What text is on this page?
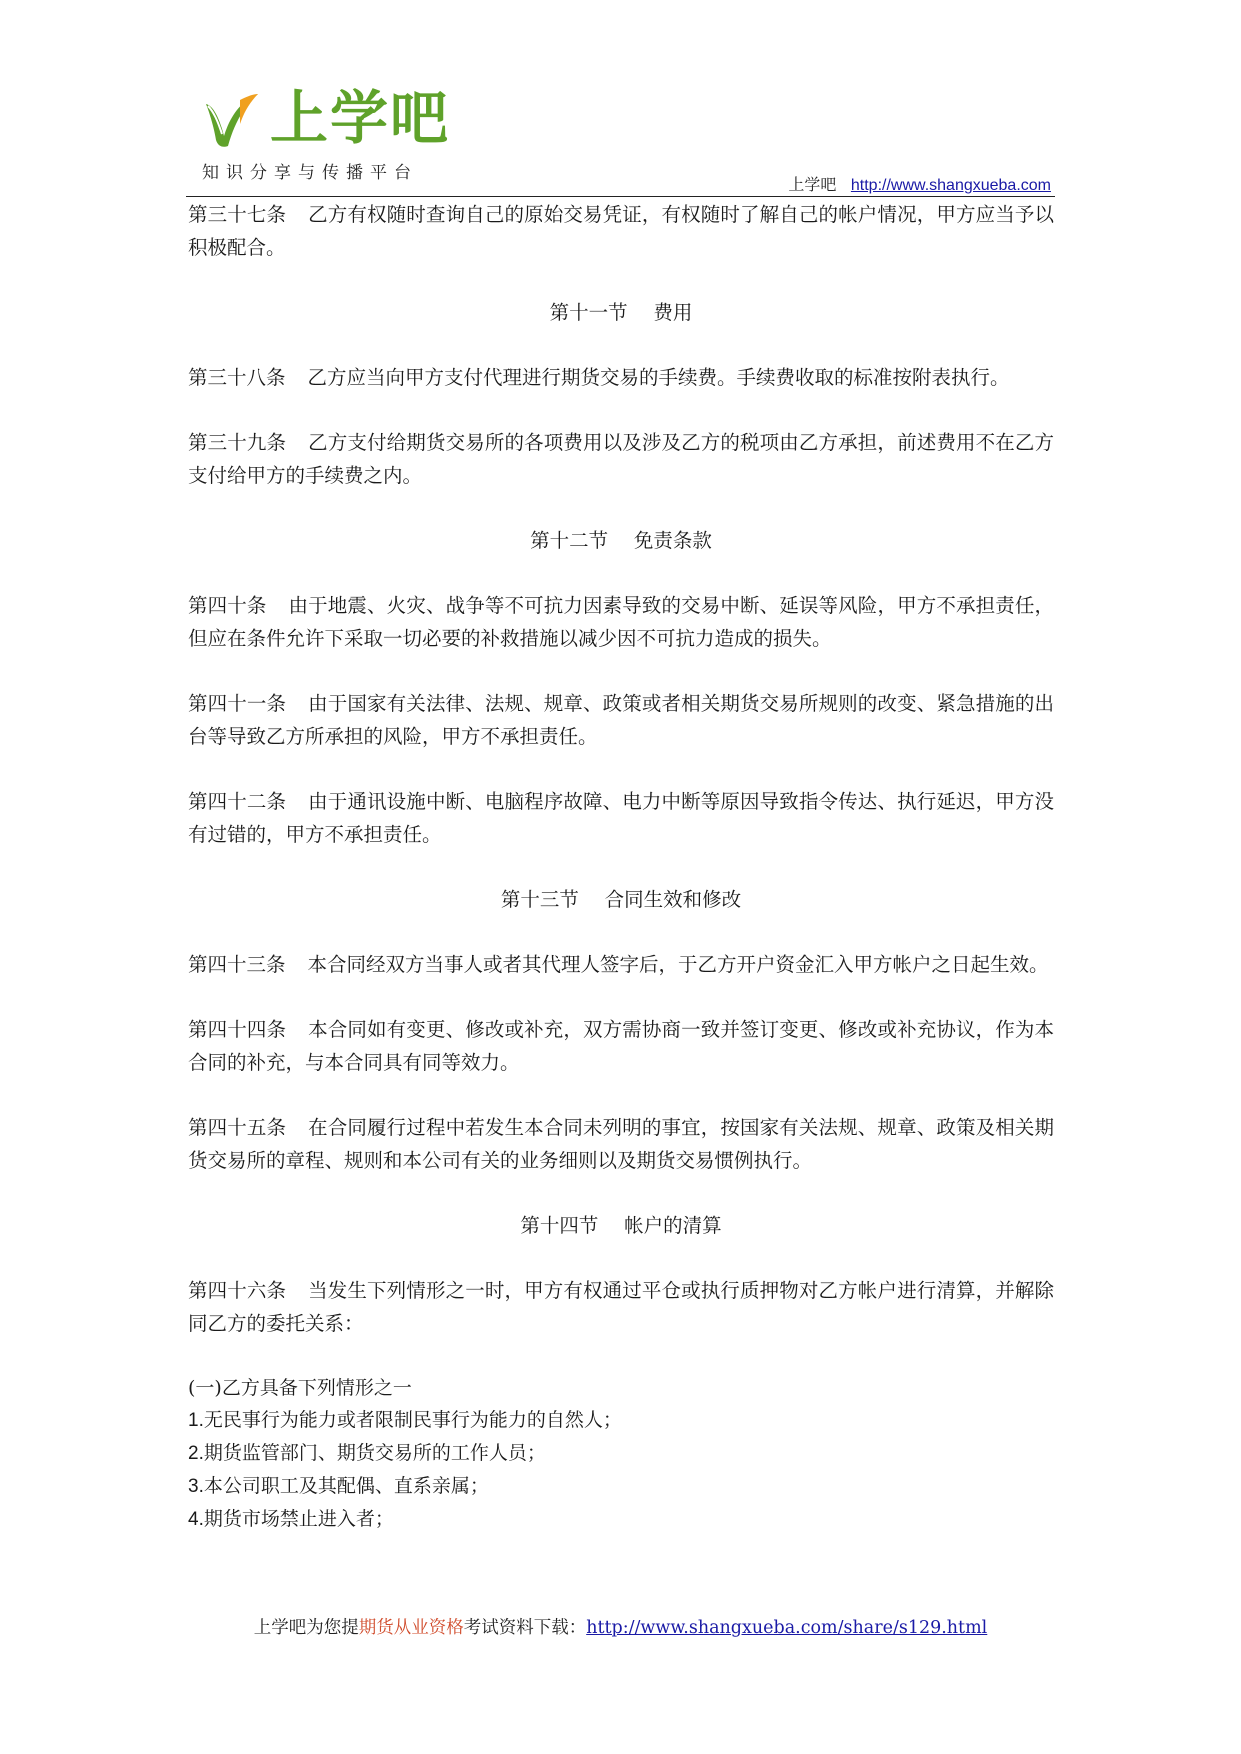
上学吧
知识分享与传播平台
上学吧 http://www.shangxueba.com

第三十七条 乙方有权随时查询自己的原始交易凭证，有权随时了解自己的帐户情况，甲方应当予以积极配合。

第十一节　 费用

第三十八条 乙方应当向甲方支付代理进行期货交易的手续费。手续费收取的标准按附表执行。

第三十九条 乙方支付给期货交易所的各项费用以及涉及乙方的税项由乙方承担，前述费用不在乙方支付给甲方的手续费之内。

第十二节　 免责条款

第四十条 由于地震、火灾、战争等不可抗力因素导致的交易中断、延误等风险，甲方不承担责任，但应在条件允许下采取一切必要的补救措施以减少因不可抗力造成的损失。

第四十一条 由于国家有关法律、法规、规章、政策或者相关期货交易所规则的改变、紧急措施的出台等导致乙方所承担的风险，甲方不承担责任。

第四十二条 由于通讯设施中断、电脑程序故障、电力中断等原因导致指令传达、执行延迟，甲方没有过错的，甲方不承担责任。

第十三节　 合同生效和修改

第四十三条 本合同经双方当事人或者其代理人签字后，于乙方开户资金汇入甲方帐户之日起生效。

第四十四条 本合同如有变更、修改或补充，双方需协商一致并签订变更、修改或补充协议，作为本合同的补充，与本合同具有同等效力。

第四十五条 在合同履行过程中若发生本合同未列明的事宜，按国家有关法规、规章、政策及相关期货交易所的章程、规则和本公司有关的业务细则以及期货交易惯例执行。

第十四节　 帐户的清算

第四十六条 当发生下列情形之一时，甲方有权通过平仓或执行质押物对乙方帐户进行清算，并解除同乙方的委托关系：

(一)乙方具备下列情形之一
1.无民事行为能力或者限制民事行为能力的自然人；
2.期货监管部门、期货交易所的工作人员；
3.本公司职工及其配偶、直系亲属；
4.期货市场禁止进入者；
上学吧为您提期货从业资格考试资料下载：http://www.shangxueba.com/share/s129.html
